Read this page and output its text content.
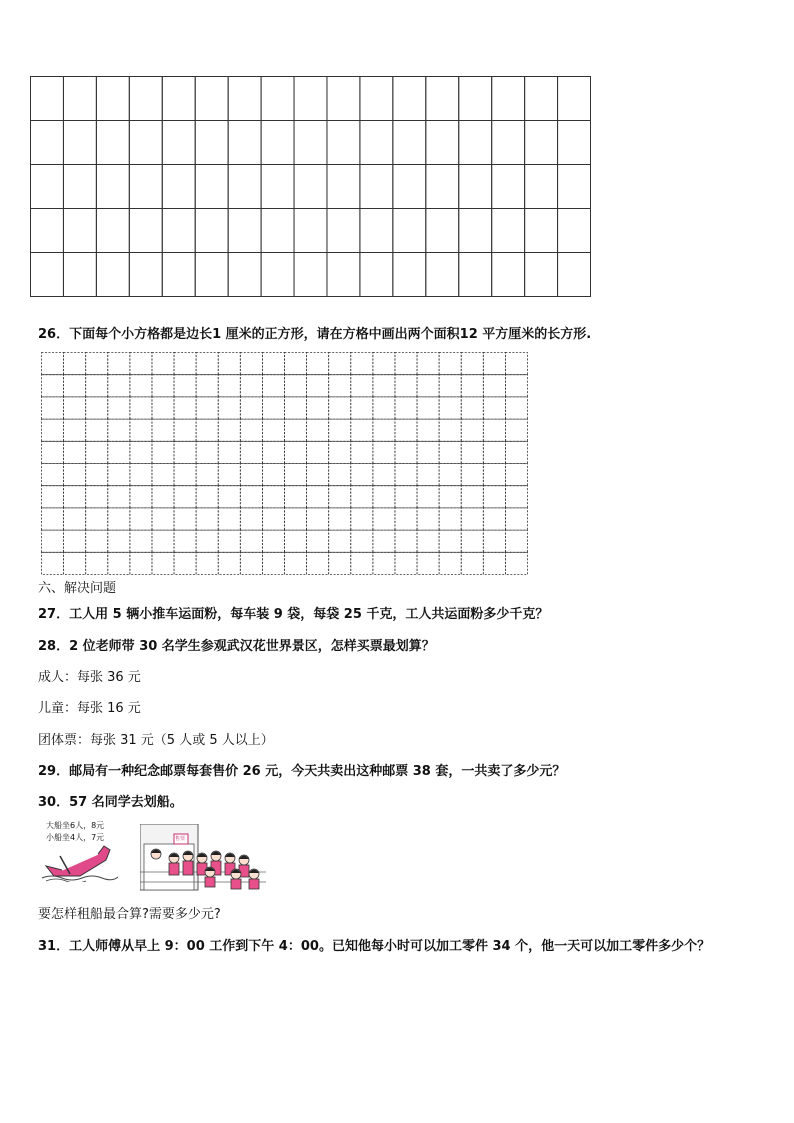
26．下面每个小方格都是边长1 厘米的正方形，请在方格中画出两个面积12 平方厘米的长方形.
六、解决问题
27．工人用 5 辆小推车运面粉，每车装 9 袋，每袋 25 千克，工人共运面粉多少千克？
28．2 位老师带 30 名学生参观武汉花世界景区，怎样买票最划算？
成人：每张 36 元
儿童：每张 16 元
团体票：每张 31 元（5 人或 5 人以上）
29．邮局有一种纪念邮票每套售价 26 元，今天共卖出这种邮票 38 套，一共卖了多少元？
30．57 名同学去划船。
大船坐6人，8元
小船坐4人，7元	售票
要怎样租船最合算?需要多少元?
31．工人师傅从早上 9：00 工作到下午 4：00。已知他每小时可以加工零件 34 个，他一天可以加工零件多少个？
